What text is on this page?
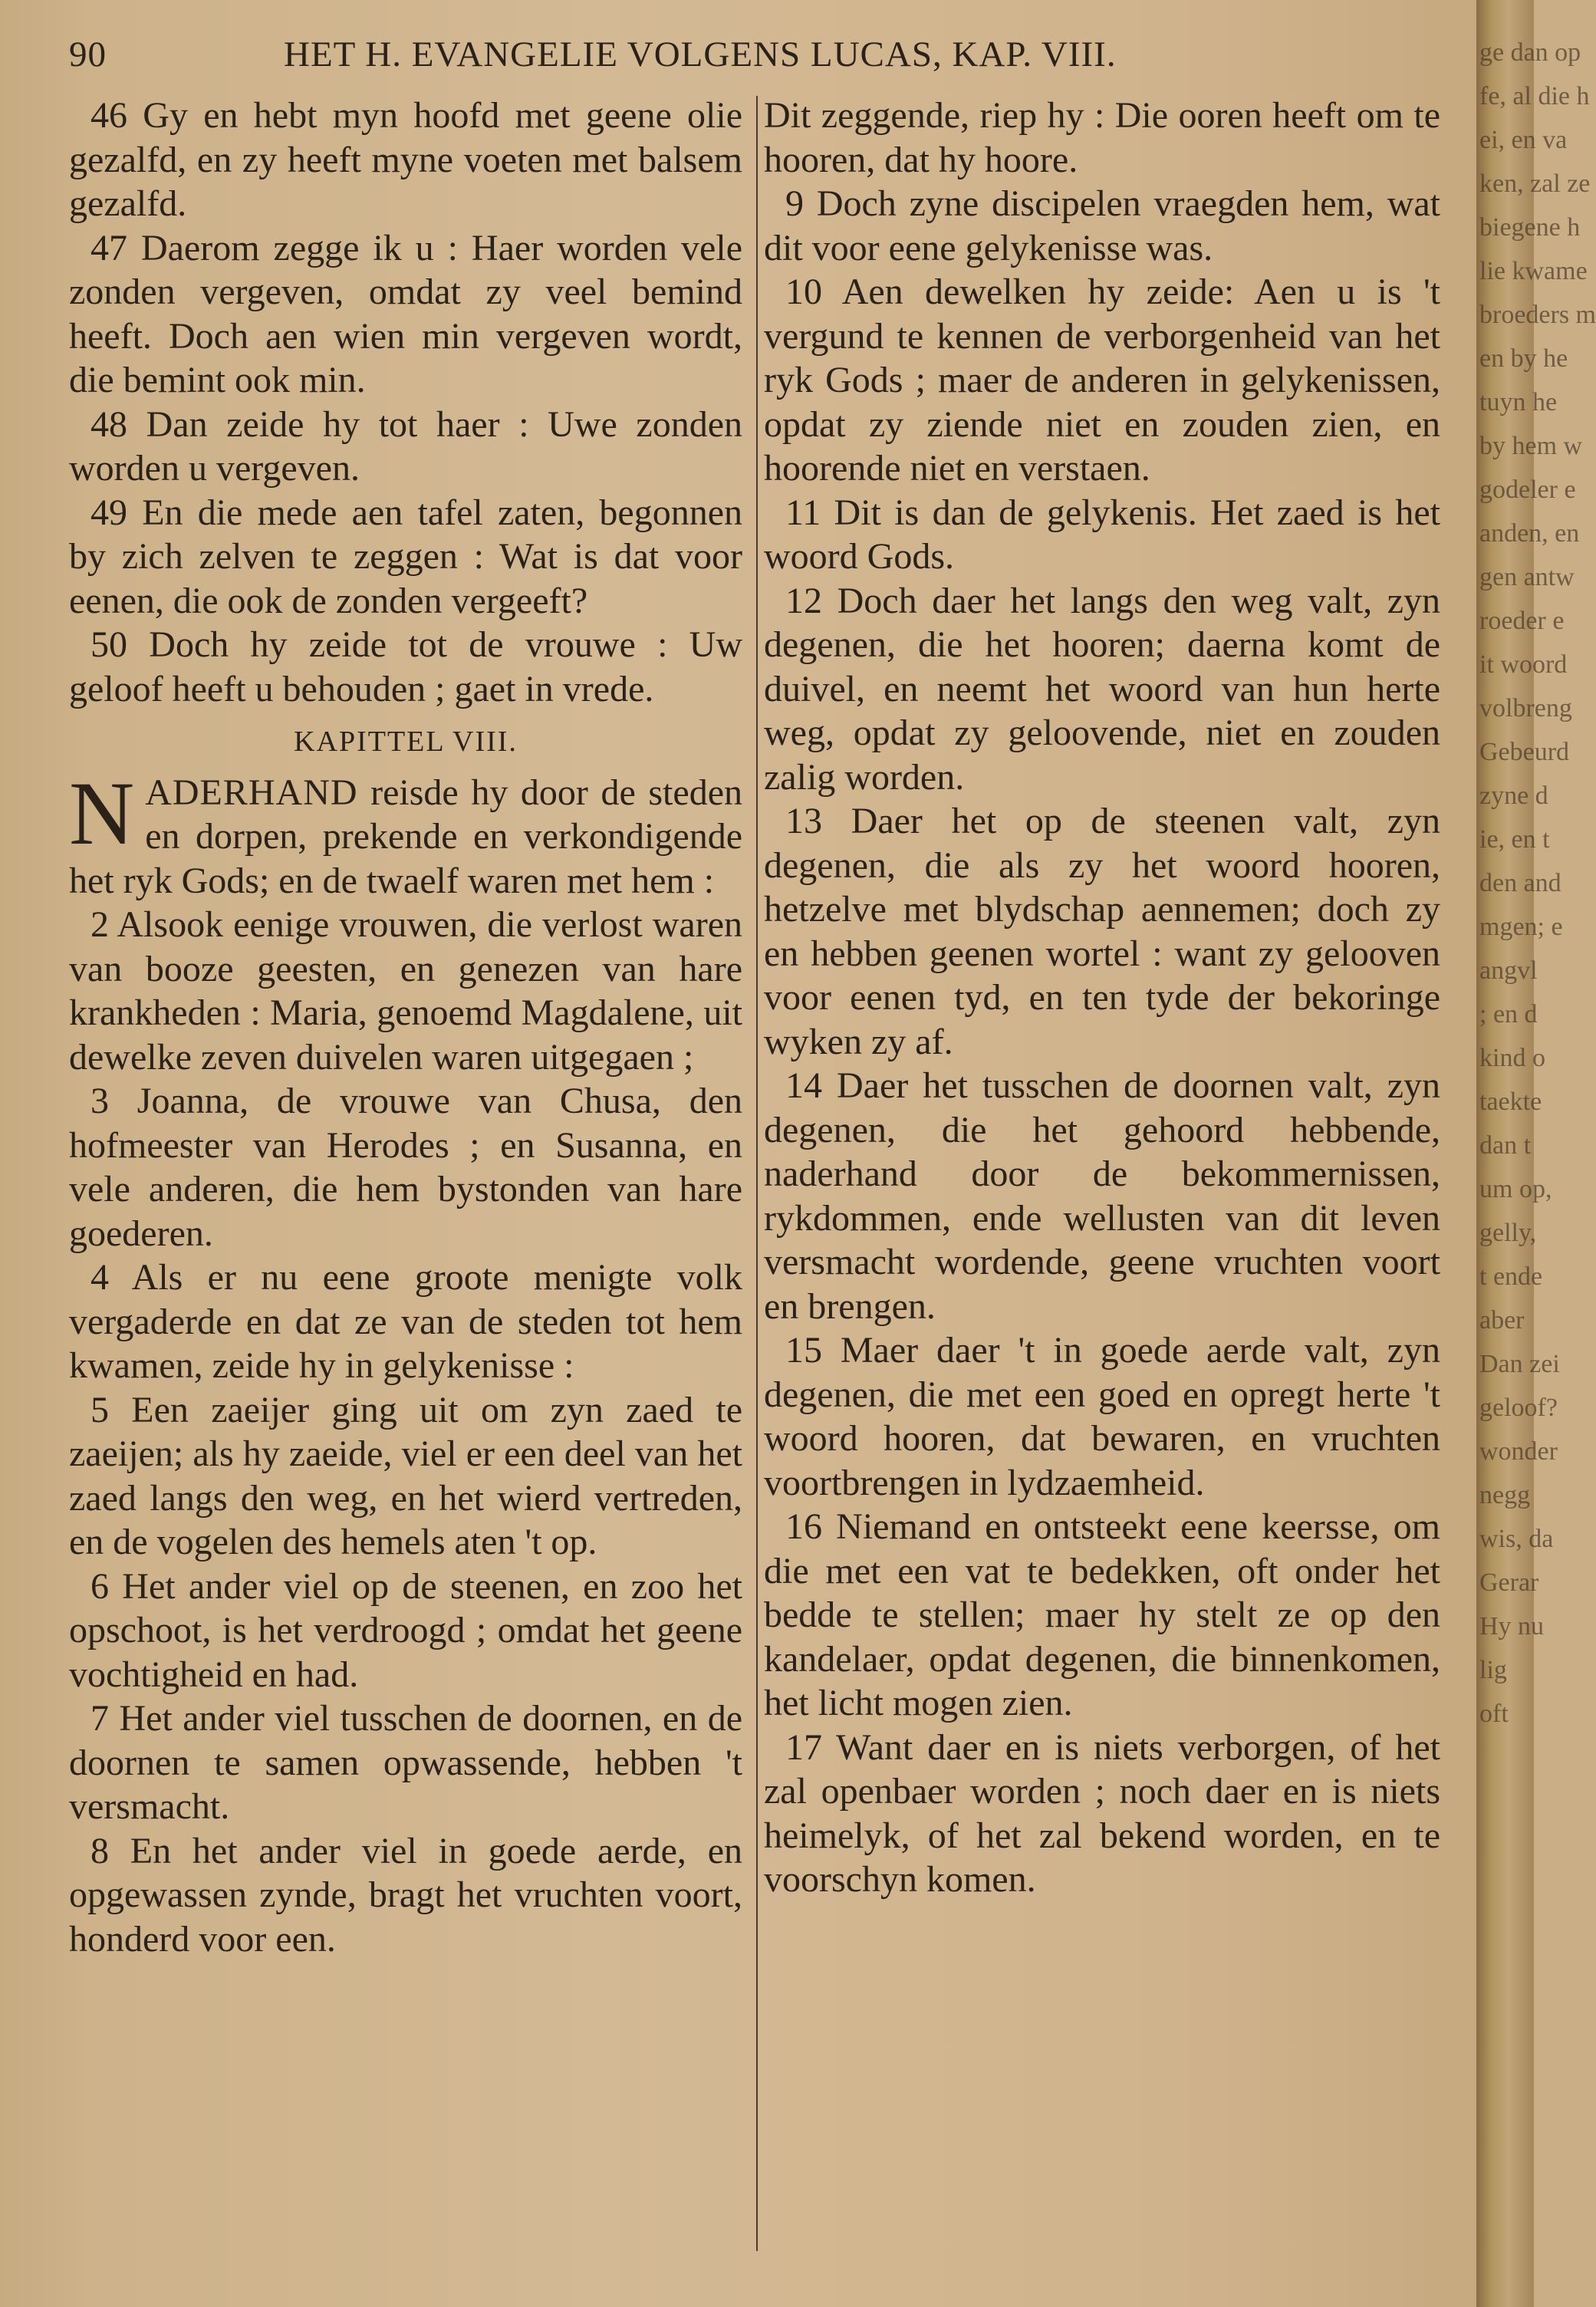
90	HET H. EVANGELIE VOLGENS LUCAS, KAP. VIII.

46 Gy en hebt myn hoofd met geene olie gezalfd, en zy heeft myne voeten met balsem gezalfd.

47 Daerom zegge ik u : Haer worden vele zonden vergeven, omdat zy veel bemind heeft. Doch aen wien min vergeven wordt, die bemint ook min.

48 Dan zeide hy tot haer : Uwe zonden worden u vergeven.

49 En die mede aen tafel zaten, begonnen by zich zelven te zeggen : Wat is dat voor eenen, die ook de zonden vergeeft?

50 Doch hy zeide tot de vrouwe : Uw geloof heeft u behouden ; gaet in vrede.

KAPITTEL VIII.

NADERHAND reisde hy door de steden en dorpen, prekende en verkondigende het ryk Gods; en de twaelf waren met hem :

2 Alsook eenige vrouwen, die verlost waren van booze geesten, en genezen van hare krankheden : Maria, genoemd Magdalene, uit dewelke zeven duivelen waren uitgegaen ;

3 Joanna, de vrouwe van Chusa, den hofmeester van Herodes ; en Susanna, en vele anderen, die hem bystonden van hare goederen.

4 Als er nu eene groote menigte volk vergaderde en dat ze van de steden tot hem kwamen, zeide hy in gelykenisse :

5 Een zaeijer ging uit om zyn zaed te zaeijen; als hy zaeide, viel er een deel van het zaed langs den weg, en het wierd vertreden, en de vogelen des hemels aten 't op.

6 Het ander viel op de steenen, en zoo het opschoot, is het verdroogd ; omdat het geene vochtigheid en had.

7 Het ander viel tusschen de doornen, en de doornen te samen opwassende, hebben 't versmacht.

8 En het ander viel in goede aerde, en opgewassen zynde, bragt het vruchten voort, honderd voor een.

Dit zeggende, riep hy : Die ooren heeft om te hooren, dat hy hoore.

9 Doch zyne discipelen vraegden hem, wat dit voor eene gelykenisse was.

10 Aen dewelken hy zeide: Aen u is 't vergund te kennen de verborgenheid van het ryk Gods ; maer de anderen in gelykenissen, opdat zy ziende niet en zouden zien, en hoorende niet en verstaen.

11 Dit is dan de gelykenis. Het zaed is het woord Gods.

12 Doch daer het langs den weg valt, zyn degenen, die het hooren; daerna komt de duivel, en neemt het woord van hun herte weg, opdat zy geloovende, niet en zouden zalig worden.

13 Daer het op de steenen valt, zyn degenen, die als zy het woord hooren, hetzelve met blydschap aennemen; doch zy en hebben geenen wortel : want zy gelooven voor eenen tyd, en ten tyde der bekoringe wyken zy af.

14 Daer het tusschen de doornen valt, zyn degenen, die het gehoord hebbende, naderhand door de bekommernissen, rykdommen, ende wellusten van dit leven versmacht wordende, geene vruchten voort en brengen.

15 Maer daer 't in goede aerde valt, zyn degenen, die met een goed en opregt herte 't woord hooren, dat bewaren, en vruchten voortbrengen in lydzaemheid.

16 Niemand en ontsteekt eene keersse, om die met een vat te bedekken, oft onder het bedde te stellen; maer hy stelt ze op den kandelaer, opdat degenen, die binnenkomen, het licht mogen zien.

17 Want daer en is niets verborgen, of het zal openbaer worden ; noch daer en is niets heimelyk, of het zal bekend worden, en te voorschyn komen.

ge dan op
fe, al die h
ei, en va
ken, zal ze
biegene h
lie kwame
broeders m
en by he
tuyn he
by hem w
godeler e
anden, en
gen antw
roeder e
it woord
volbreng
Gebeurd
zyne d
ie, en t
den and
mgen; e
angvl
; en d
kind o
taekte
dan t
um op,
gelly,
t ende
aber
Dan zei
geloof?
wonder
negg
wis, da
Gerar
Hy nu
lig
oft
